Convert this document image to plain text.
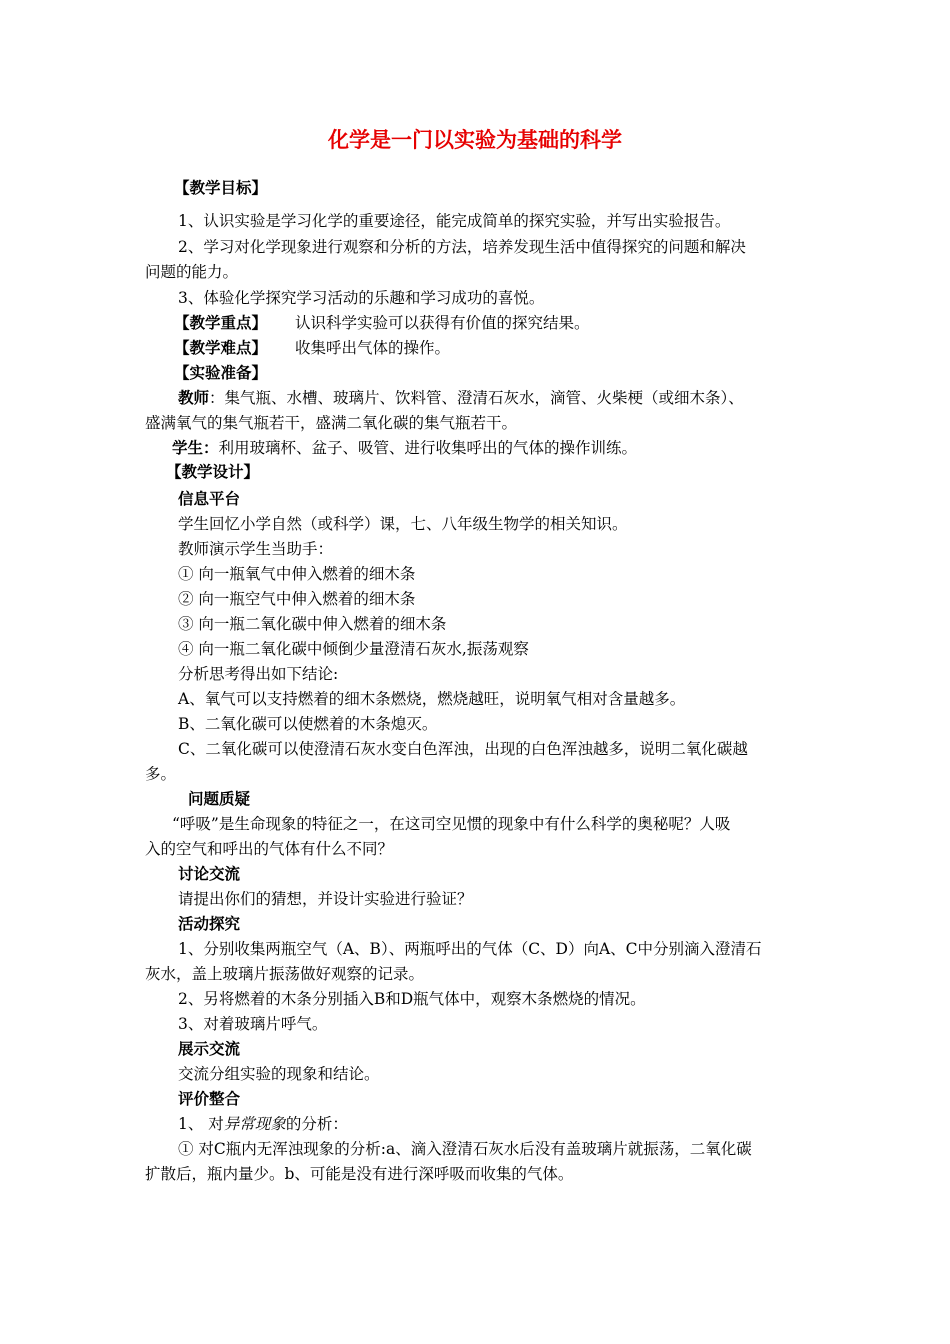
化学是一门以实验为基础的科学
【教学目标】
1、认识实验是学习化学的重要途径，能完成简单的探究实验，并写出实验报告。
2、学习对化学现象进行观察和分析的方法，培养发现生活中值得探究的问题和解决
问题的能力。
3、体验化学探究学习活动的乐趣和学习成功的喜悦。
【教学重点】 认识科学实验可以获得有价值的探究结果。
【教学难点】 收集呼出气体的操作。
【实验准备】
教师：集气瓶、水槽、玻璃片、饮料管、澄清石灰水，滴管、火柴梗（或细木条）、
盛满氧气的集气瓶若干，盛满二氧化碳的集气瓶若干。
学生：利用玻璃杯、盆子、吸管、进行收集呼出的气体的操作训练。
【教学设计】
信息平台
学生回忆小学自然（或科学）课，七、八年级生物学的相关知识。
教师演示学生当助手：
① 向一瓶氧气中伸入燃着的细木条
② 向一瓶空气中伸入燃着的细木条
③ 向一瓶二氧化碳中伸入燃着的细木条
④ 向一瓶二氧化碳中倾倒少量澄清石灰水,振荡观察
分析思考得出如下结论:
A、氧气可以支持燃着的细木条燃烧，燃烧越旺，说明氧气相对含量越多。
B、二氧化碳可以使燃着的木条熄灭。
C、二氧化碳可以使澄清石灰水变白色浑浊，出现的白色浑浊越多，说明二氧化碳越
多。
问题质疑
“呼吸”是生命现象的特征之一，在这司空见惯的现象中有什么科学的奥秘呢？人吸
入的空气和呼出的气体有什么不同？
讨论交流
请提出你们的猜想，并设计实验进行验证？
活动探究
1、分别收集两瓶空气（A、B）、两瓶呼出的气体（C、D）向A、C中分别滴入澄清石
灰水，盖上玻璃片振荡做好观察的记录。
2、另将燃着的木条分别插入B和D瓶气体中，观察木条燃烧的情况。
3、对着玻璃片呼气。
展示交流
交流分组实验的现象和结论。
评价整合
1、 对异常现象的分析：
① 对C瓶内无浑浊现象的分析:a、滴入澄清石灰水后没有盖玻璃片就振荡，二氧化碳
扩散后，瓶内量少。b、可能是没有进行深呼吸而收集的气体。
